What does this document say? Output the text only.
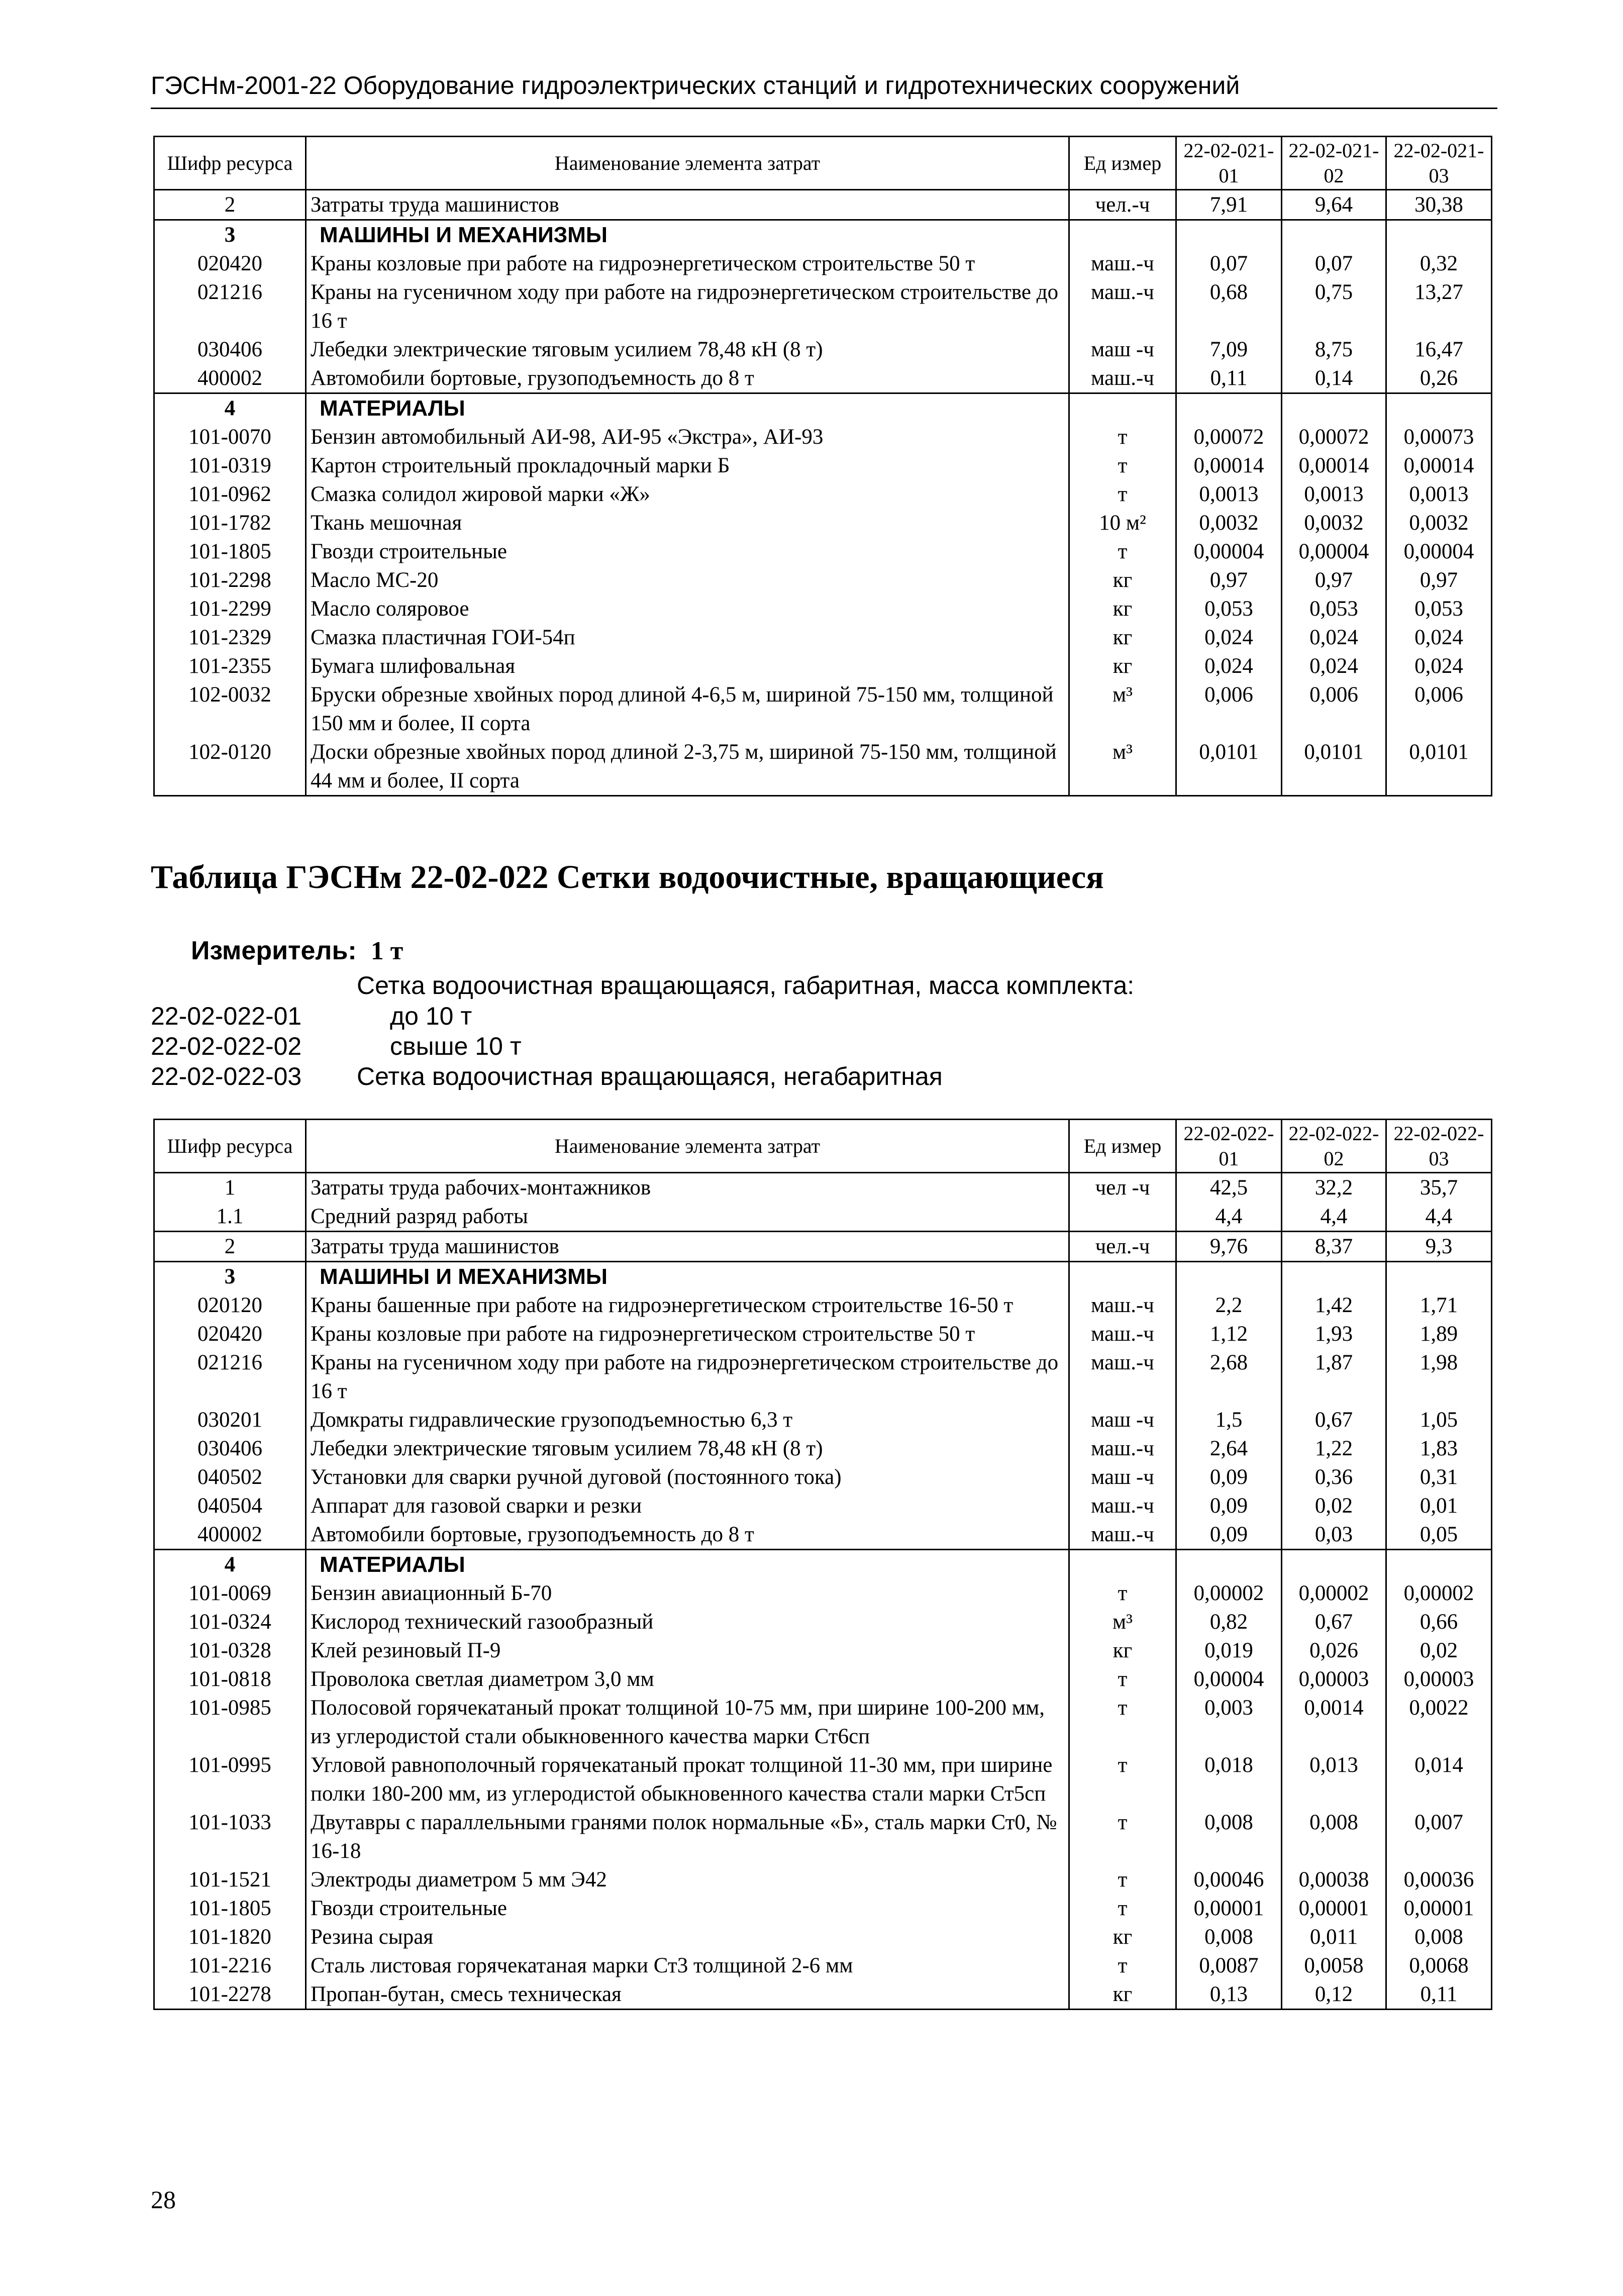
ГЭСНм-2001-22 Оборудование гидроэлектрических станций и гидротехнических сооружений
Шифр ресурса	Наименование элемента затрат	Ед измер	22-02-021-01	22-02-021-02	22-02-021-03
2	Затраты труда машинистов	чел.-ч	7,91	9,64	30,38
3	МАШИНЫ И МЕХАНИЗМЫ				
020420	Краны козловые при работе на гидроэнергетическом строительстве 50 т	маш.-ч	0,07	0,07	0,32
021216	Краны на гусеничном ходу при работе на гидроэнергетическом строительстве до 16 т	маш.-ч	0,68	0,75	13,27
030406	Лебедки электрические тяговым усилием 78,48 кН (8 т)	маш -ч	7,09	8,75	16,47
400002	Автомобили бортовые, грузоподъемность до 8 т	маш.-ч	0,11	0,14	0,26
4	МАТЕРИАЛЫ				
101-0070	Бензин автомобильный АИ-98, АИ-95 «Экстра», АИ-93	т	0,00072	0,00072	0,00073
101-0319	Картон строительный прокладочный марки Б	т	0,00014	0,00014	0,00014
101-0962	Смазка солидол жировой марки «Ж»	т	0,0013	0,0013	0,0013
101-1782	Ткань мешочная	10 м²	0,0032	0,0032	0,0032
101-1805	Гвозди строительные	т	0,00004	0,00004	0,00004
101-2298	Масло МС-20	кг	0,97	0,97	0,97
101-2299	Масло соляровое	кг	0,053	0,053	0,053
101-2329	Смазка пластичная ГОИ-54п	кг	0,024	0,024	0,024
101-2355	Бумага шлифовальная	кг	0,024	0,024	0,024
102-0032	Бруски обрезные хвойных пород длиной 4-6,5 м, шириной 75-150 мм, толщиной 150 мм и более, II сорта	м³	0,006	0,006	0,006
102-0120	Доски обрезные хвойных пород длиной 2-3,75 м, шириной 75-150 мм, толщиной 44 мм и более, II сорта	м³	0,0101	0,0101	0,0101
Таблица ГЭСНм 22-02-022 Сетки водоочистные, вращающиеся
Измеритель: 1 т
Сетка водоочистная вращающаяся, габаритная, масса комплекта:
22-02-022-01	до 10 т
22-02-022-02	свыше 10 т
22-02-022-03 Сетка водоочистная вращающаяся, негабаритная
Шифр ресурса	Наименование элемента затрат	Ед измер	22-02-022-01	22-02-022-02	22-02-022-03
1	Затраты труда рабочих-монтажников	чел -ч	42,5	32,2	35,7
1.1	Средний разряд работы		4,4	4,4	4,4
2	Затраты труда машинистов	чел.-ч	9,76	8,37	9,3
3	МАШИНЫ И МЕХАНИЗМЫ				
020120	Краны башенные при работе на гидроэнергетическом строительстве 16-50 т	маш.-ч	2,2	1,42	1,71
020420	Краны козловые при работе на гидроэнергетическом строительстве 50 т	маш.-ч	1,12	1,93	1,89
021216	Краны на гусеничном ходу при работе на гидроэнергетическом строительстве до 16 т	маш.-ч	2,68	1,87	1,98
030201	Домкраты гидравлические грузоподъемностью 6,3 т	маш -ч	1,5	0,67	1,05
030406	Лебедки электрические тяговым усилием 78,48 кН (8 т)	маш.-ч	2,64	1,22	1,83
040502	Установки для сварки ручной дуговой (постоянного тока)	маш -ч	0,09	0,36	0,31
040504	Аппарат для газовой сварки и резки	маш.-ч	0,09	0,02	0,01
400002	Автомобили бортовые, грузоподъемность до 8 т	маш.-ч	0,09	0,03	0,05
4	МАТЕРИАЛЫ				
101-0069	Бензин авиационный Б-70	т	0,00002	0,00002	0,00002
101-0324	Кислород технический газообразный	м³	0,82	0,67	0,66
101-0328	Клей резиновый П-9	кг	0,019	0,026	0,02
101-0818	Проволока светлая диаметром 3,0 мм	т	0,00004	0,00003	0,00003
101-0985	Полосовой горячекатаный прокат толщиной 10-75 мм, при ширине 100-200 мм, из углеродистой стали обыкновенного качества марки Ст6сп	т	0,003	0,0014	0,0022
101-0995	Угловой равнополочный горячекатаный прокат толщиной 11-30 мм, при ширине полки 180-200 мм, из углеродистой обыкновенного качества стали марки Ст5сп	т	0,018	0,013	0,014
101-1033	Двутавры с параллельными гранями полок нормальные «Б», сталь марки Ст0, № 16-18	т	0,008	0,008	0,007
101-1521	Электроды диаметром 5 мм Э42	т	0,00046	0,00038	0,00036
101-1805	Гвозди строительные	т	0,00001	0,00001	0,00001
101-1820	Резина сырая	кг	0,008	0,011	0,008
101-2216	Сталь листовая горячекатаная марки Ст3 толщиной 2-6 мм	т	0,0087	0,0058	0,0068
101-2278	Пропан-бутан, смесь техническая	кг	0,13	0,12	0,11
28
